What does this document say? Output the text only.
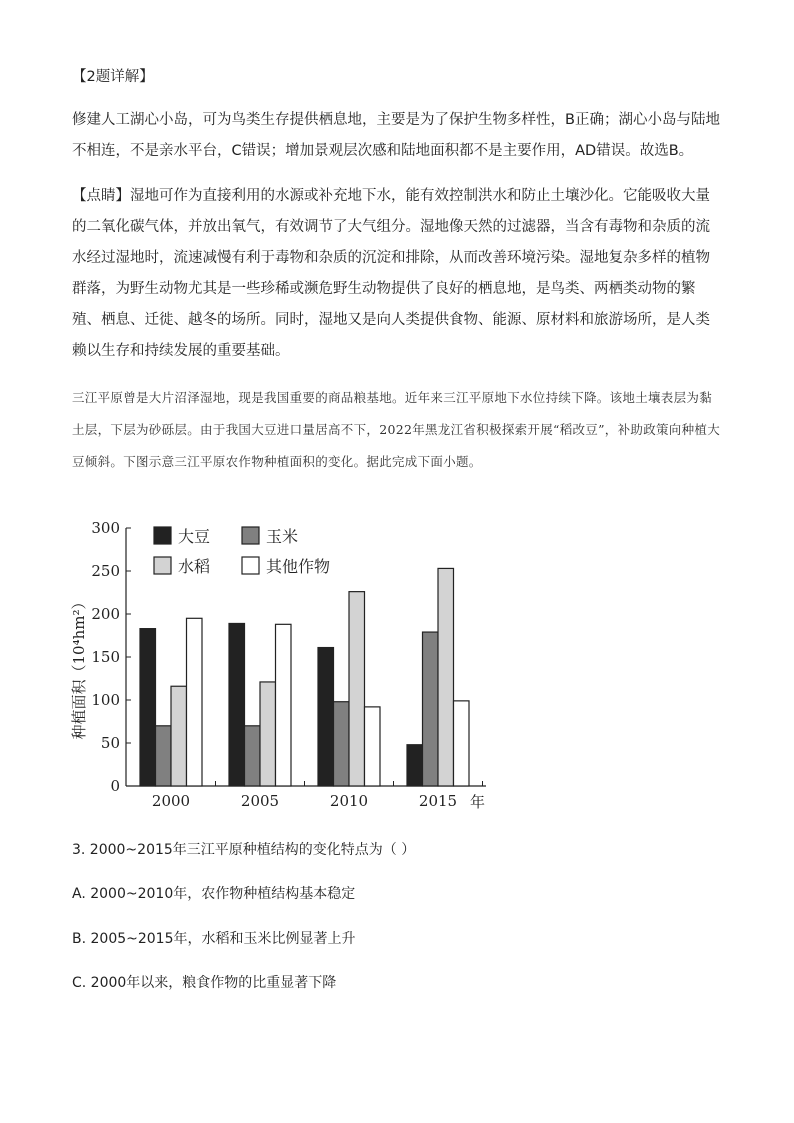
【2题详解】
修建人工湖心小岛，可为鸟类生存提供栖息地，主要是为了保护生物多样性，B正确；湖心小岛与陆地不相连，不是亲水平台，C错误；增加景观层次感和陆地面积都不是主要作用，AD错误。故选B。
【点睛】湿地可作为直接利用的水源或补充地下水，能有效控制洪水和防止土壤沙化。它能吸收大量的二氧化碳气体，并放出氧气，有效调节了大气组分。湿地像天然的过滤器，当含有毒物和杂质的流水经过湿地时，流速减慢有利于毒物和杂质的沉淀和排除，从而改善环境污染。湿地复杂多样的植物群落，为野生动物尤其是一些珍稀或濒危野生动物提供了良好的栖息地，是鸟类、两栖类动物的繁殖、栖息、迁徙、越冬的场所。同时，湿地又是向人类提供食物、能源、原材料和旅游场所，是人类赖以生存和持续发展的重要基础。
三江平原曾是大片沼泽湿地，现是我国重要的商品粮基地。近年来三江平原地下水位持续下降。该地土壤表层为黏土层，下层为砂砾层。由于我国大豆进口量居高不下，2022年黑龙江省积极探索开展“稻改豆”，补助政策向种植大豆倾斜。下图示意三江平原农作物种植面积的变化。据此完成下面小题。
0
50
100
150
200
250
300
种植面积（10⁴hm²）
2000	2005	2010	2015 年
大豆	玉米
水稻	其他作物
3. 2000~2015年三江平原种植结构的变化特点为（ ）
A. 2000~2010年，农作物种植结构基本稳定
B. 2005~2015年，水稻和玉米比例显著上升
C. 2000年以来，粮食作物的比重显著下降
